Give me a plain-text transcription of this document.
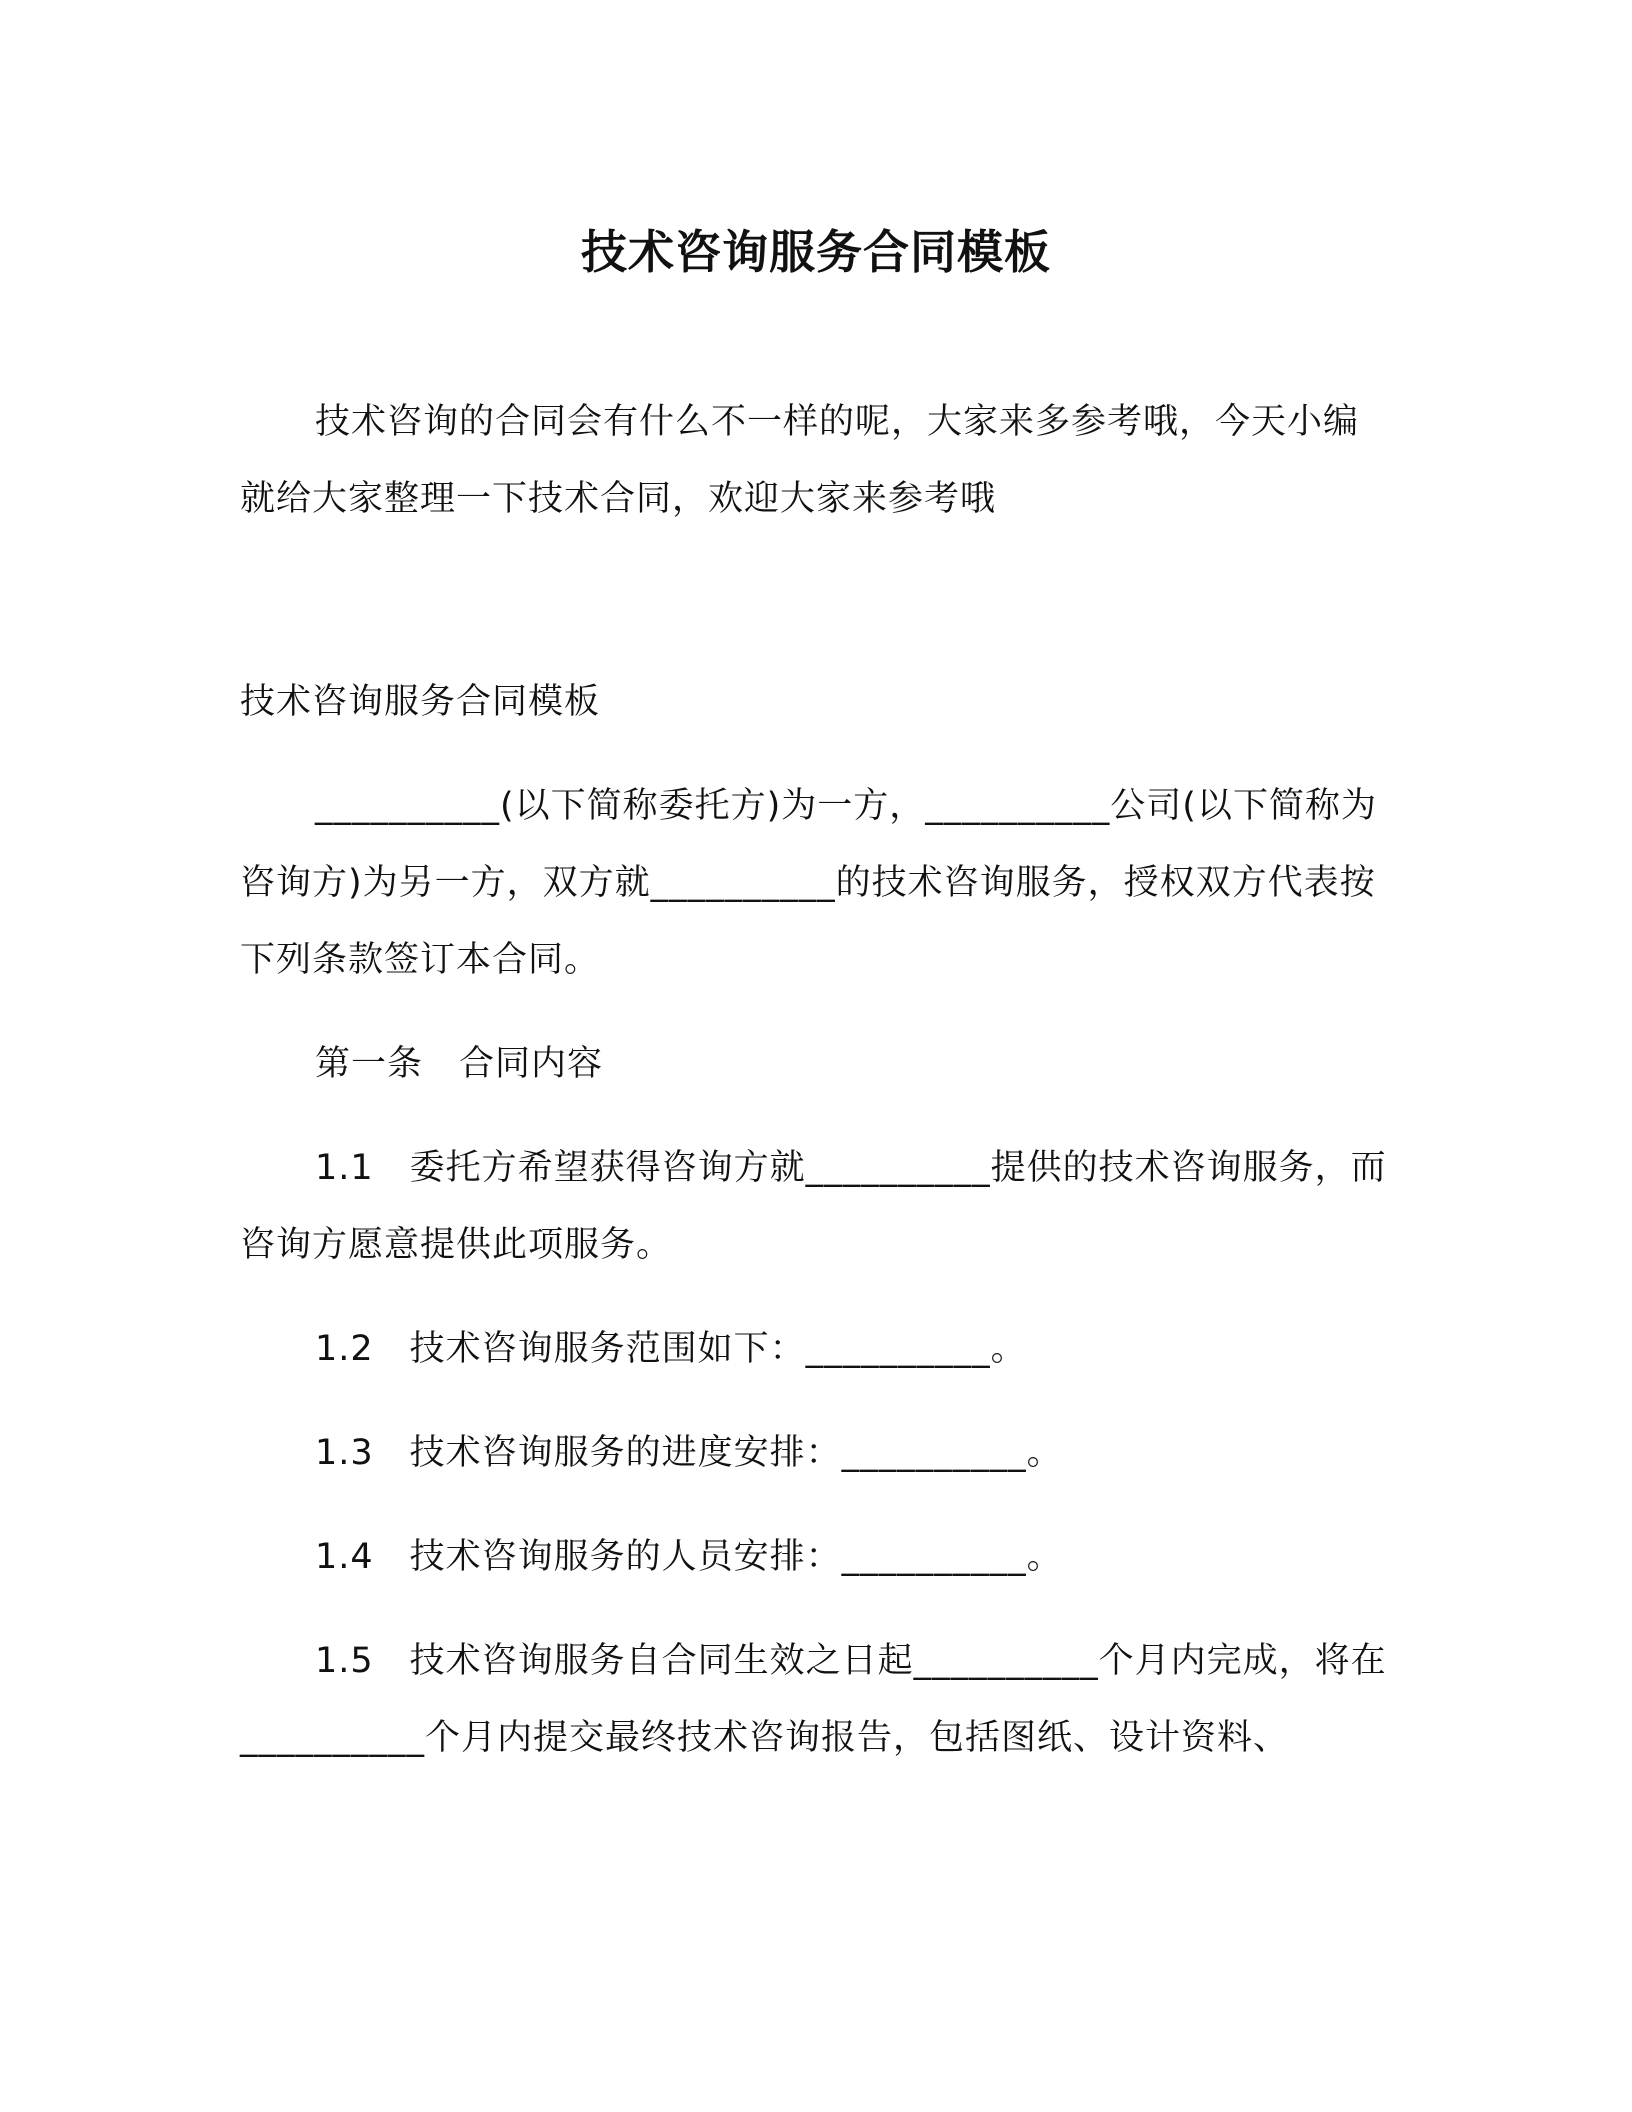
技术咨询服务合同模板

技术咨询的合同会有什么不一样的呢，大家来多参考哦，今天小编就给大家整理一下技术合同，欢迎大家来参考哦

技术咨询服务合同模板

__________(以下简称委托方)为一方，__________公司(以下简称为咨询方)为另一方，双方就__________的技术咨询服务，授权双方代表按下列条款签订本合同。

第一条　合同内容

1.1　委托方希望获得咨询方就__________提供的技术咨询服务，而咨询方愿意提供此项服务。

1.2　技术咨询服务范围如下：__________。

1.3　技术咨询服务的进度安排：__________。

1.4　技术咨询服务的人员安排：__________。

1.5　技术咨询服务自合同生效之日起__________个月内完成，将在__________个月内提交最终技术咨询报告，包括图纸、设计资料、
